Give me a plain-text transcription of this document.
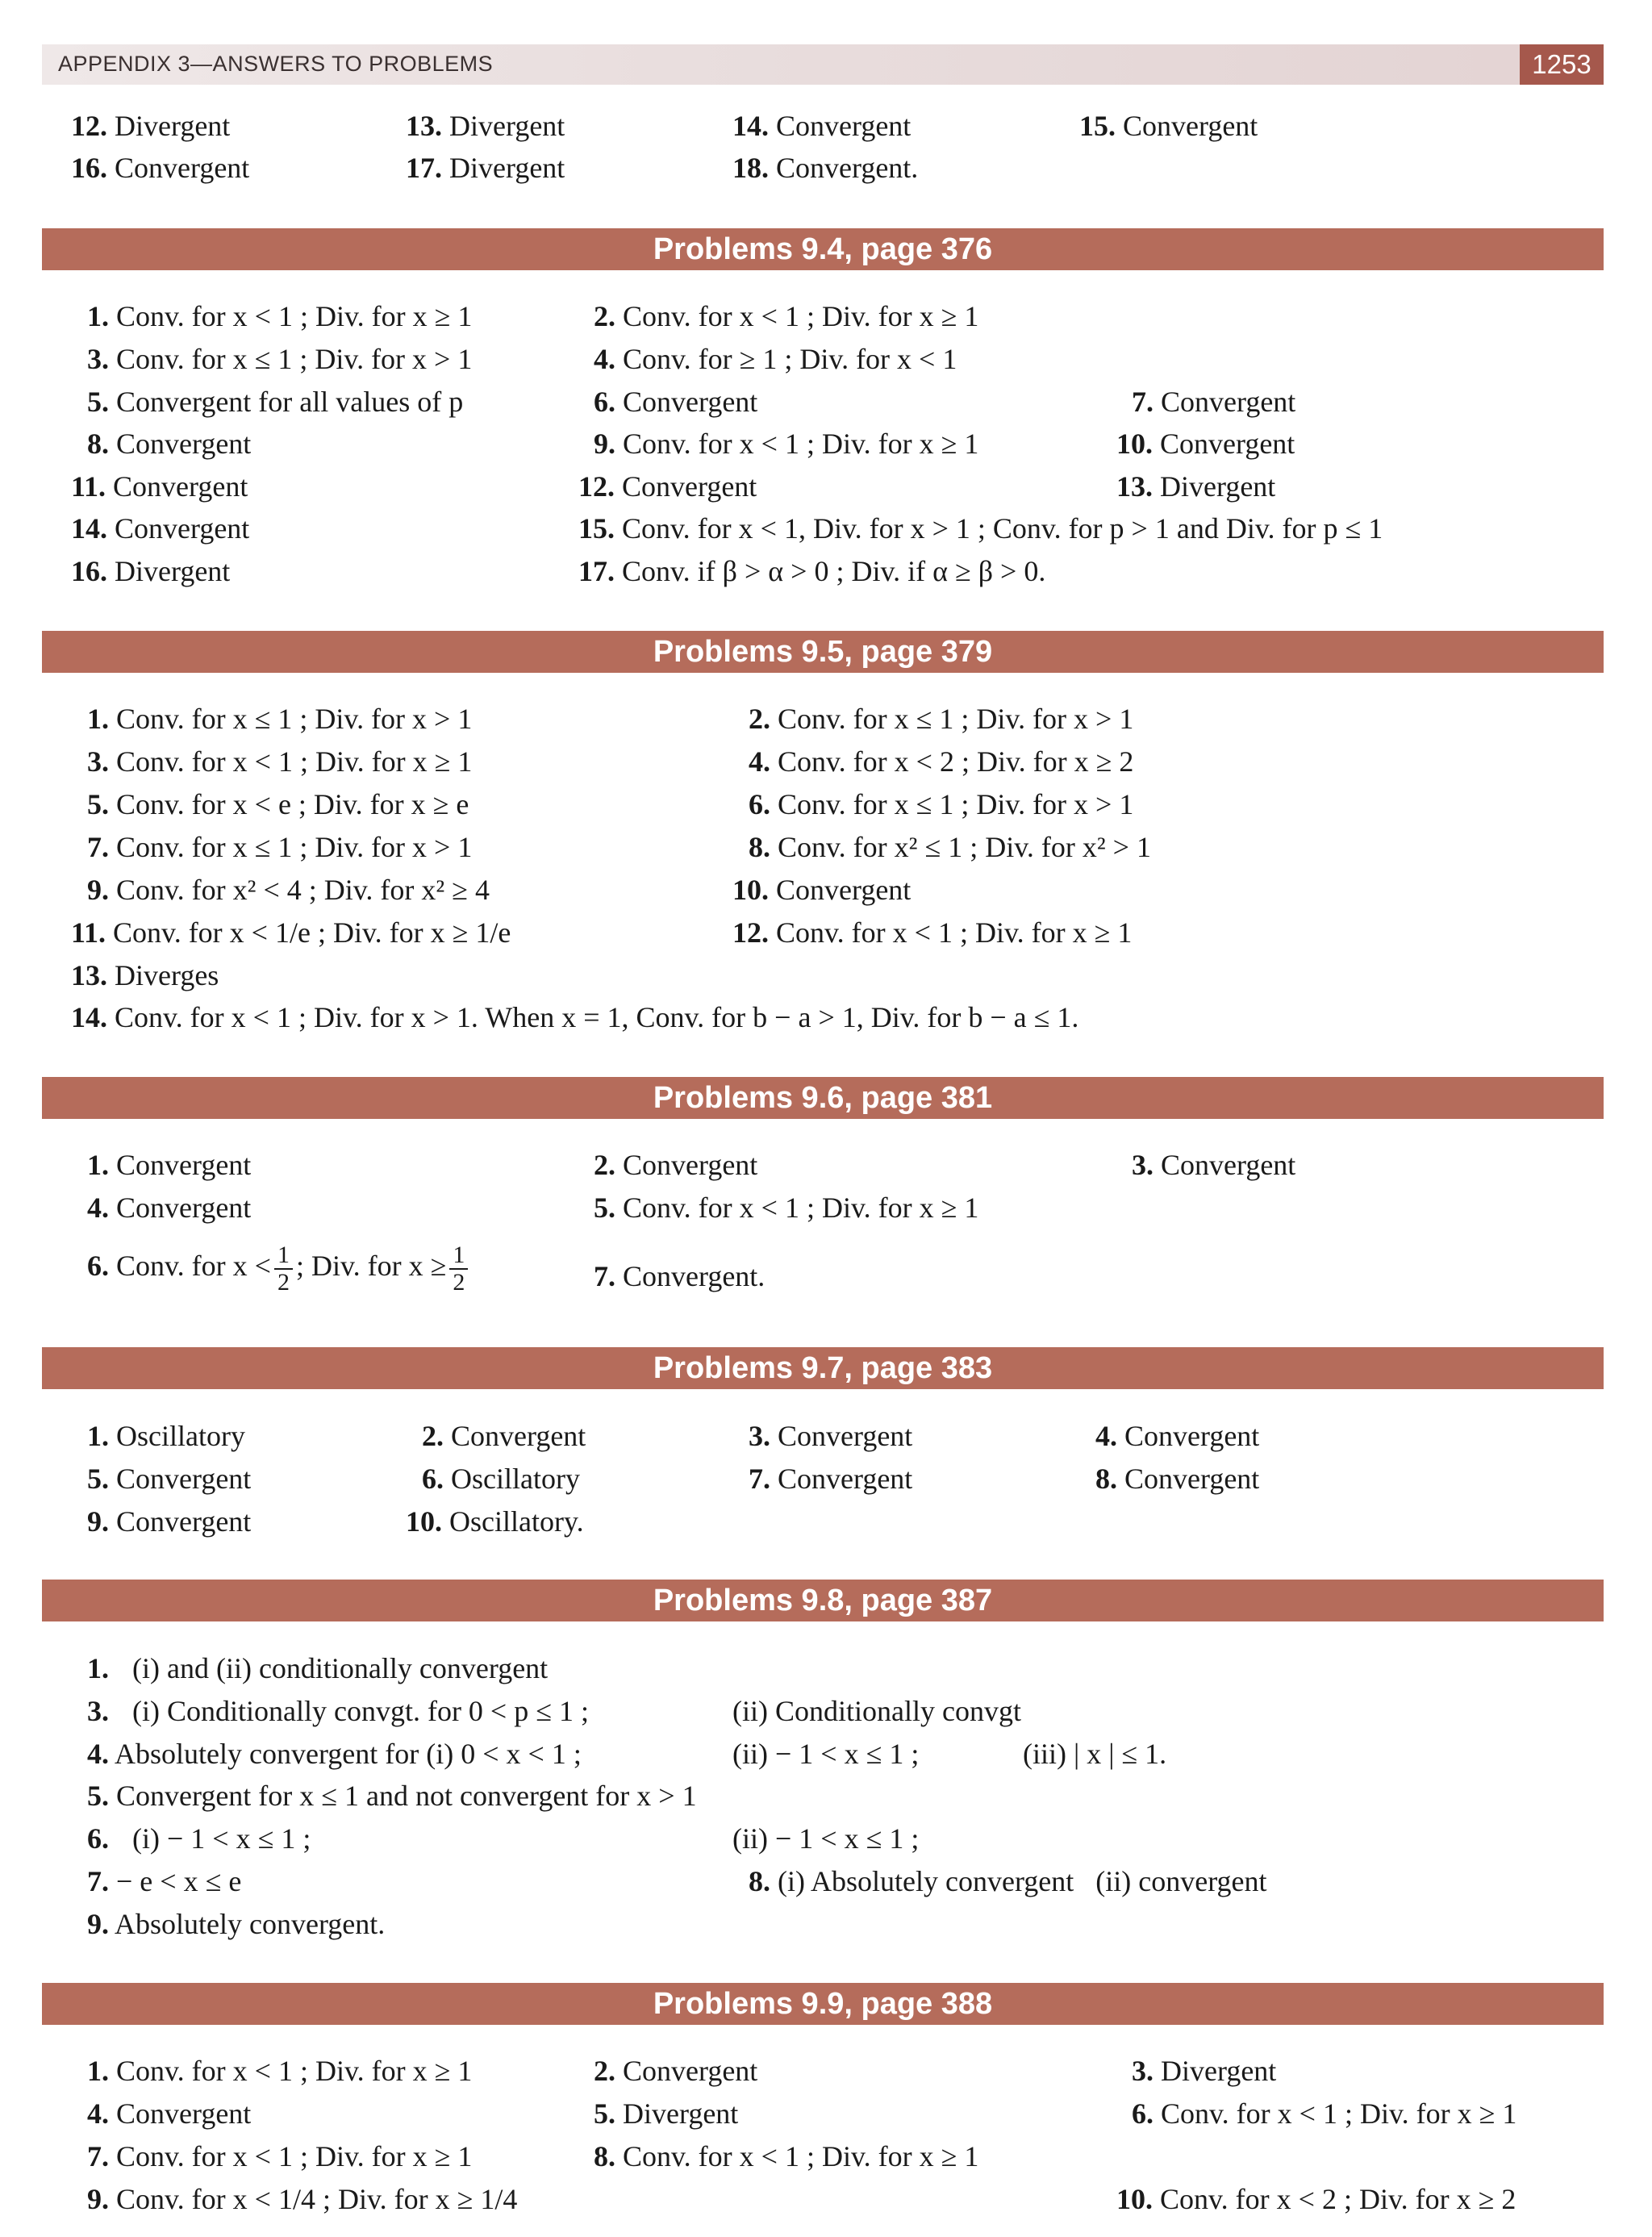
APPENDIX 3—ANSWERS TO PROBLEMS	1253
12. Divergent	13. Divergent	14. Convergent	15. Convergent
16. Convergent	17. Divergent	18. Convergent.
Problems 9.4, page 376
1. Conv. for x < 1 ; Div. for x ≥ 1	2. Conv. for x < 1 ; Div. for x ≥ 1
3. Conv. for x ≤ 1 ; Div. for x > 1	4. Conv. for ≥ 1 ; Div. for x < 1
5. Convergent for all values of p	6. Convergent	7. Convergent
8. Convergent	9. Conv. for x < 1 ; Div. for x ≥ 1	10. Convergent
11. Convergent	12. Convergent	13. Divergent
14. Convergent	15. Conv. for x < 1, Div. for x > 1 ; Conv. for p > 1 and Div. for p ≤ 1
16. Divergent	17. Conv. if β > α > 0 ; Div. if α ≥ β > 0.
Problems 9.5, page 379
1. Conv. for x ≤ 1 ; Div. for x > 1	2. Conv. for x ≤ 1 ; Div. for x > 1
3. Conv. for x < 1 ; Div. for x ≥ 1	4. Conv. for x < 2 ; Div. for x ≥ 2
5. Conv. for x < e ; Div. for x ≥ e	6. Conv. for x ≤ 1 ; Div. for x > 1
7. Conv. for x ≤ 1 ; Div. for x > 1	8. Conv. for x² ≤ 1 ; Div. for x² > 1
9. Conv. for x² < 4 ; Div. for x² ≥ 4	10. Convergent
11. Conv. for x < 1/e ; Div. for x ≥ 1/e	12. Conv. for x < 1 ; Div. for x ≥ 1
13. Diverges
14. Conv. for x < 1 ; Div. for x > 1. When x = 1, Conv. for b − a > 1, Div. for b − a ≤ 1.
Problems 9.6, page 381
1. Convergent	2. Convergent	3. Convergent
4. Convergent	5. Conv. for x < 1 ; Div. for x ≥ 1
6. Conv. for $x < \frac{1}{2}$ ; Div. for $x \ge \frac{1}{2}$	7. Convergent.
Problems 9.7, page 383
1. Oscillatory	2. Convergent	3. Convergent	4. Convergent
5. Convergent	6. Oscillatory	7. Convergent	8. Convergent
9. Convergent	10. Oscillatory.
Problems 9.8, page 387
1. (i) and (ii) conditionally convergent
3. (i) Conditionally convgt. for 0 < p ≤ 1 ;	(ii) Conditionally convgt
4. Absolutely convergent for (i) 0 < x < 1 ;	(ii) − 1 < x ≤ 1 ;	(iii) | x | ≤ 1.
5. Convergent for x ≤ 1 and not convergent for x > 1
6. (i) − 1 < x ≤ 1 ;	(ii) − 1 < x ≤ 1 ;
7. − e < x ≤ e	8. (i) Absolutely convergent   (ii) convergent
9. Absolutely convergent.
Problems 9.9, page 388
1. Conv. for x < 1 ; Div. for x ≥ 1	2. Convergent	3. Divergent
4. Convergent	5. Divergent	6. Conv. for x < 1 ; Div. for x ≥ 1
7. Conv. for x < 1 ; Div. for x ≥ 1	8. Conv. for x < 1 ; Div. for x ≥ 1
9. Conv. for x < 1/4 ; Div. for x ≥ 1/4	10. Conv. for x < 2 ; Div. for x ≥ 2
